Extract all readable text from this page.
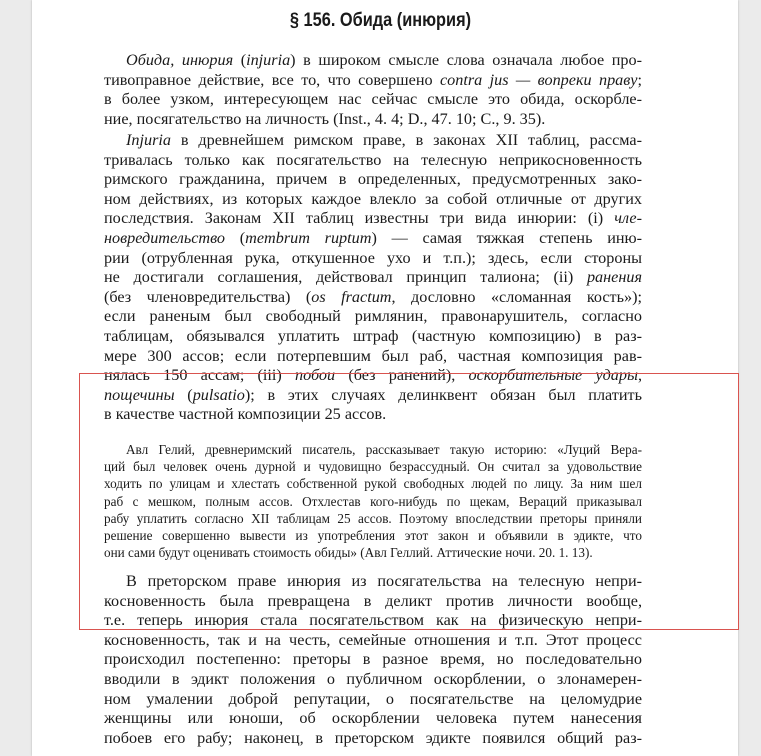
§ 156. Обида (инюрия)
Обида, инюрия (injuria) в широком смысле слова означала любое про-
тивоправное действие, все то, что совершено contra jus — вопреки праву;
в более узком, интересующем нас сейчас смысле это обида, оскорбле-
ние, посягательство на личность (Inst., 4. 4; D., 47. 10; C., 9. 35).
Injuria в древнейшем римском праве, в законах XII таблиц, рассма-
тривалась только как посягательство на телесную неприкосновенность
римского гражданина, причем в определенных, предусмотренных зако-
ном действиях, из которых каждое влекло за собой отличные от других
последствия. Законам XII таблиц известны три вида инюрии: (i) чле-
новредительство (membrum ruptum) — самая тяжкая степень иню-
рии (отрубленная рука, откушенное ухо и т.п.); здесь, если стороны
не достигали соглашения, действовал принцип талиона; (ii) ранения
(без членовредительства) (os fractum, дословно «сломанная кость»);
если раненым был свободный римлянин, правонарушитель, согласно
таблицам, обязывался уплатить штраф (частную композицию) в раз-
мере 300 ассов; если потерпевшим был раб, частная композиция рав-
нялась 150 ассам; (iii) побои (без ранений), оскорбительные удары,
пощечины (pulsatio); в этих случаях делинквент обязан был платить
в качестве частной композиции 25 ассов.
Авл Гелий, древнеримский писатель, рассказывает такую историю: «Луций Вера-
ций был человек очень дурной и чудовищно безрассудный. Он считал за удовольствие
ходить по улицам и хлестать собственной рукой свободных людей по лицу. За ним шел
раб с мешком, полным ассов. Отхлестав кого-нибудь по щекам, Вераций приказывал
рабу уплатить согласно XII таблицам 25 ассов. Поэтому впоследствии преторы приняли
решение совершенно вывести из употребления этот закон и объявили в эдикте, что
они сами будут оценивать стоимость обиды» (Авл Геллий. Аттические ночи. 20. 1. 13).
В преторском праве инюрия из посягательства на телесную непри-
косновенность была превращена в деликт против личности вообще,
т.е. теперь инюрия стала посягательством как на физическую непри-
косновенность, так и на честь, семейные отношения и т.п. Этот процесс
происходил постепенно: преторы в разное время, но последовательно
вводили в эдикт положения о публичном оскорблении, о злонамерен-
ном умалении доброй репутации, о посягательстве на целомудрие
женщины или юноши, об оскорблении человека путем нанесения
побоев его рабу; наконец, в преторском эдикте появился общий раз-
